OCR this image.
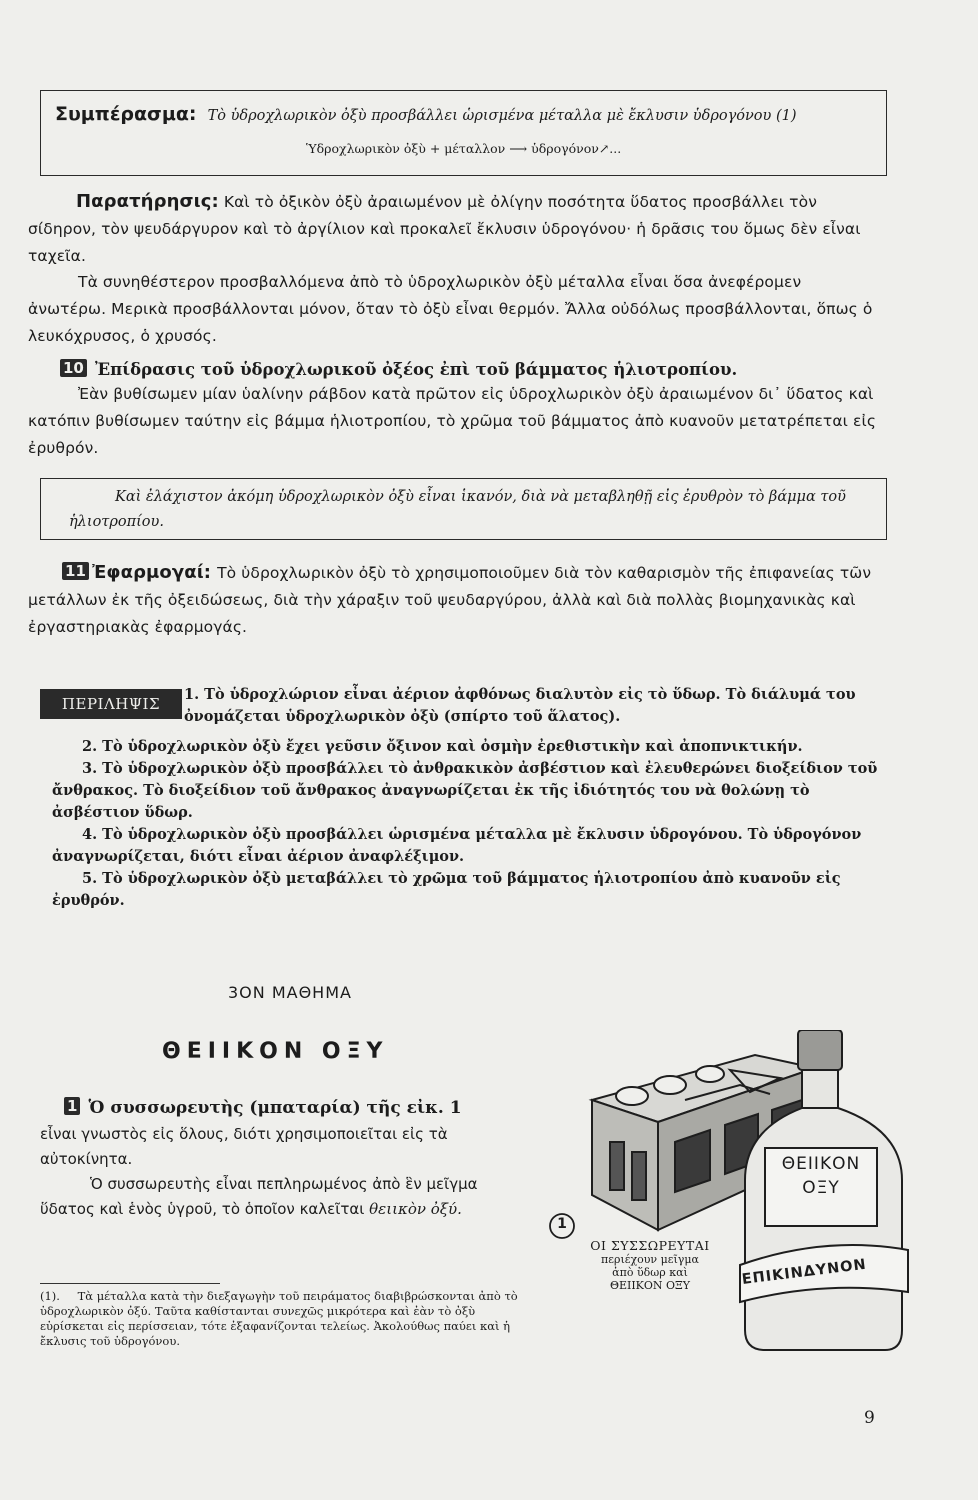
Συμπέρασμα: Τὸ ὑδροχλωρικὸν ὀξὺ προσβάλλει ὡρισμένα μέταλλα μὲ ἔκλυσιν ὑδρογόνου (1)
Ὑδροχλωρικὸν ὀξὺ + μέταλλον ⟶ ὑδρογόνον↗...
Παρατήρησις: Καὶ τὸ ὀξικὸν ὀξὺ ἀραιωμένον μὲ ὀλίγην ποσότητα ὕδατος προσβάλλει τὸν σίδηρον, τὸν ψευδάργυρον καὶ τὸ ἀργίλιον καὶ προκαλεῖ ἔκλυσιν ὑδρογόνου· ἡ δρᾶσις του ὅμως δὲν εἶναι ταχεῖα.
Τὰ συνηθέστερον προσβαλλόμενα ἀπὸ τὸ ὑδροχλωρικὸν ὀξὺ μέταλλα εἶναι ὅσα ἀνεφέρομεν ἀνωτέρω. Μερικὰ προσβάλλονται μόνον, ὅταν τὸ ὀξὺ εἶναι θερμόν. Ἄλλα οὐδόλως προσβάλλονται, ὅπως ὁ λευκόχρυσος, ὁ χρυσός.
10 Ἐπίδρασις τοῦ ὑδροχλωρικοῦ ὀξέος ἐπὶ τοῦ βάμματος ἡλιοτροπίου.
Ἐὰν βυθίσωμεν μίαν ὑαλίνην ράβδον κατὰ πρῶτον εἰς ὑδροχλωρικὸν ὀξὺ ἀραιωμένον δι᾽ ὕδατος καὶ κατόπιν βυθίσωμεν ταύτην εἰς βάμμα ἡλιοτροπίου, τὸ χρῶμα τοῦ βάμματος ἀπὸ κυανοῦν μετατρέπεται εἰς ἐρυθρόν.
Καὶ ἐλάχιστον ἀκόμη ὑδροχλωρικὸν ὀξὺ εἶναι ἱκανόν, διὰ νὰ μεταβληθῇ εἰς ἐρυθρὸν τὸ βάμμα τοῦ ἡλιοτροπίου.
11 Ἐφαρμογαί: Τὸ ὑδροχλωρικὸν ὀξὺ τὸ χρησιμοποιοῦμεν διὰ τὸν καθαρισμὸν τῆς ἐπιφανείας τῶν μετάλλων ἐκ τῆς ὀξειδώσεως, διὰ τὴν χάραξιν τοῦ ψευδαργύρου, ἀλλὰ καὶ διὰ πολλὰς βιομηχανικὰς καὶ ἐργαστηριακὰς ἐφαρμογάς.
ΠΕΡΙΛΗΨΙΣ
1. Τὸ ὑδροχλώριον εἶναι ἀέριον ἀφθόνως διαλυτὸν εἰς τὸ ὕδωρ. Τὸ διάλυμά του ὀνομάζεται ὑδροχλωρικὸν ὀξὺ (σπίρτο τοῦ ἅλατος).

2. Τὸ ὑδροχλωρικὸν ὀξὺ ἔχει γεῦσιν ὄξινον καὶ ὀσμὴν ἐρεθιστικὴν καὶ ἀποπνικτικήν.

3. Τὸ ὑδροχλωρικὸν ὀξὺ προσβάλλει τὸ ἀνθρακικὸν ἀσβέστιον καὶ ἐλευθερώνει διοξείδιον τοῦ ἄνθρακος. Τὸ διοξείδιον τοῦ ἄνθρακος ἀναγνωρίζεται ἐκ τῆς ἰδιότητός του νὰ θολώνῃ τὸ ἀσβέστιον ὕδωρ.

4. Τὸ ὑδροχλωρικὸν ὀξὺ προσβάλλει ὡρισμένα μέταλλα μὲ ἔκλυσιν ὑδρογόνου. Τὸ ὑδρογόνον ἀναγνωρίζεται, διότι εἶναι ἀέριον ἀναφλέξιμον.

5. Τὸ ὑδροχλωρικὸν ὀξὺ μεταβάλλει τὸ χρῶμα τοῦ βάμματος ἡλιοτροπίου ἀπὸ κυανοῦν εἰς ἐρυθρόν.

3ΟΝ ΜΑΘΗΜΑ
ΘΕΙΙΚΟΝ ΟΞΥ
1 Ὁ συσσωρευτὴς (μπαταρία) τῆς εἰκ. 1
εἶναι γνωστὸς εἰς ὅλους, διότι χρησιμοποιεῖται εἰς τὰ αὐτοκίνητα.
Ὁ συσσωρευτὴς εἶναι πεπληρωμένος ἀπὸ ἓν μεῖγμα ὕδατος καὶ ἑνὸς ὑγροῦ, τὸ ὁποῖον καλεῖται θειικὸν ὀξύ.
(1). Τὰ μέταλλα κατὰ τὴν διεξαγωγὴν τοῦ πειράματος διαβιβρώσκονται ἀπὸ τὸ ὑδροχλωρικὸν ὀξύ. Ταῦτα καθίστανται συνεχῶς μικρότερα καὶ ἐὰν τὸ ὀξὺ εὑρίσκεται εἰς περίσσειαν, τότε ἐξαφανίζονται τελείως. Ἀκολούθως παύει καὶ ἡ ἔκλυσις τοῦ ὑδρογόνου.
1
ΘΕΙΙΚΟΝ ΟΞΥ
ΕΠΙΚΙΝΔΥΝΟΝ
ΟΙ ΣΥΣΣΩΡΕΥΤΑΙ
περιέχουν μεῖγμα ἀπὸ ὕδωρ καὶ ΘΕΙΙΚΟΝ ΟΞΥ
9
